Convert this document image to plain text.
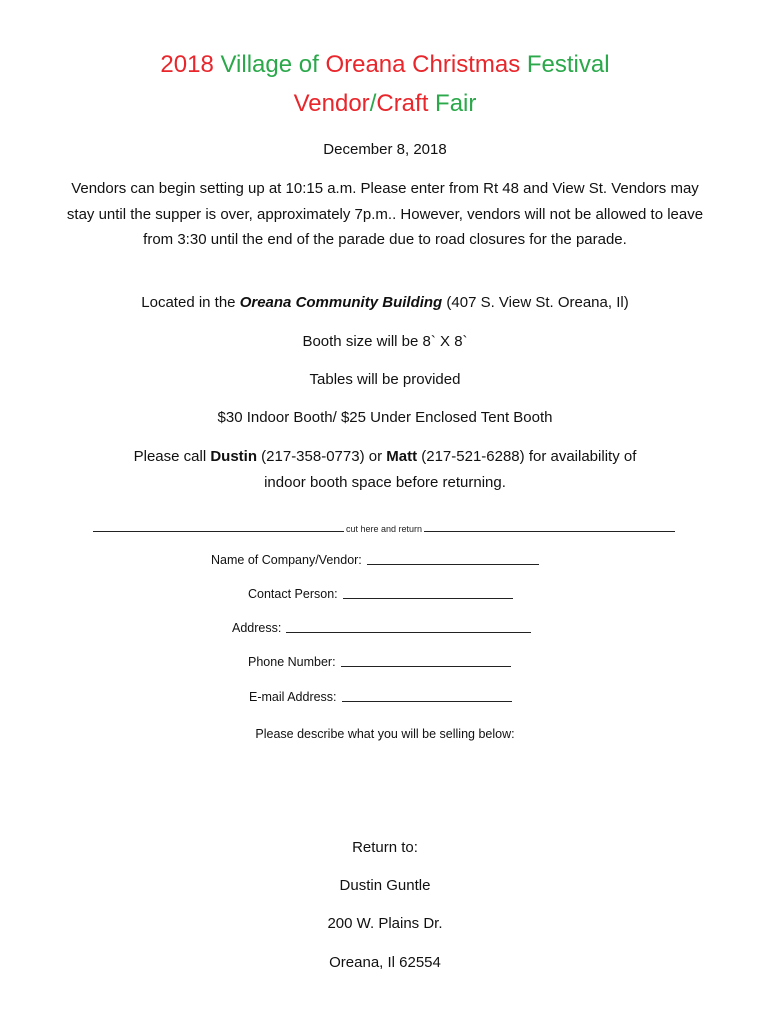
2018 Village of Oreana Christmas Festival
Vendor/Craft Fair
December 8, 2018
Vendors can begin setting up at 10:15 a.m. Please enter from Rt 48 and View St. Vendors may stay until the supper is over, approximately 7p.m.. However, vendors will not be allowed to leave from 3:30 until the end of the parade due to road closures for the parade.
Located in the Oreana Community Building (407 S. View St. Oreana, Il)
Booth size will be 8` X 8`
Tables will be provided
$30 Indoor Booth/ $25 Under Enclosed Tent Booth
Please call Dustin (217-358-0773) or Matt (217-521-6288) for availability of
indoor booth space before returning.
cut here and return
Name of Company/Vendor:
Contact Person:
Address:
Phone Number:
E-mail Address:
Please describe what you will be selling below:
Return to:
Dustin Guntle
200 W. Plains Dr.
Oreana, Il 62554
